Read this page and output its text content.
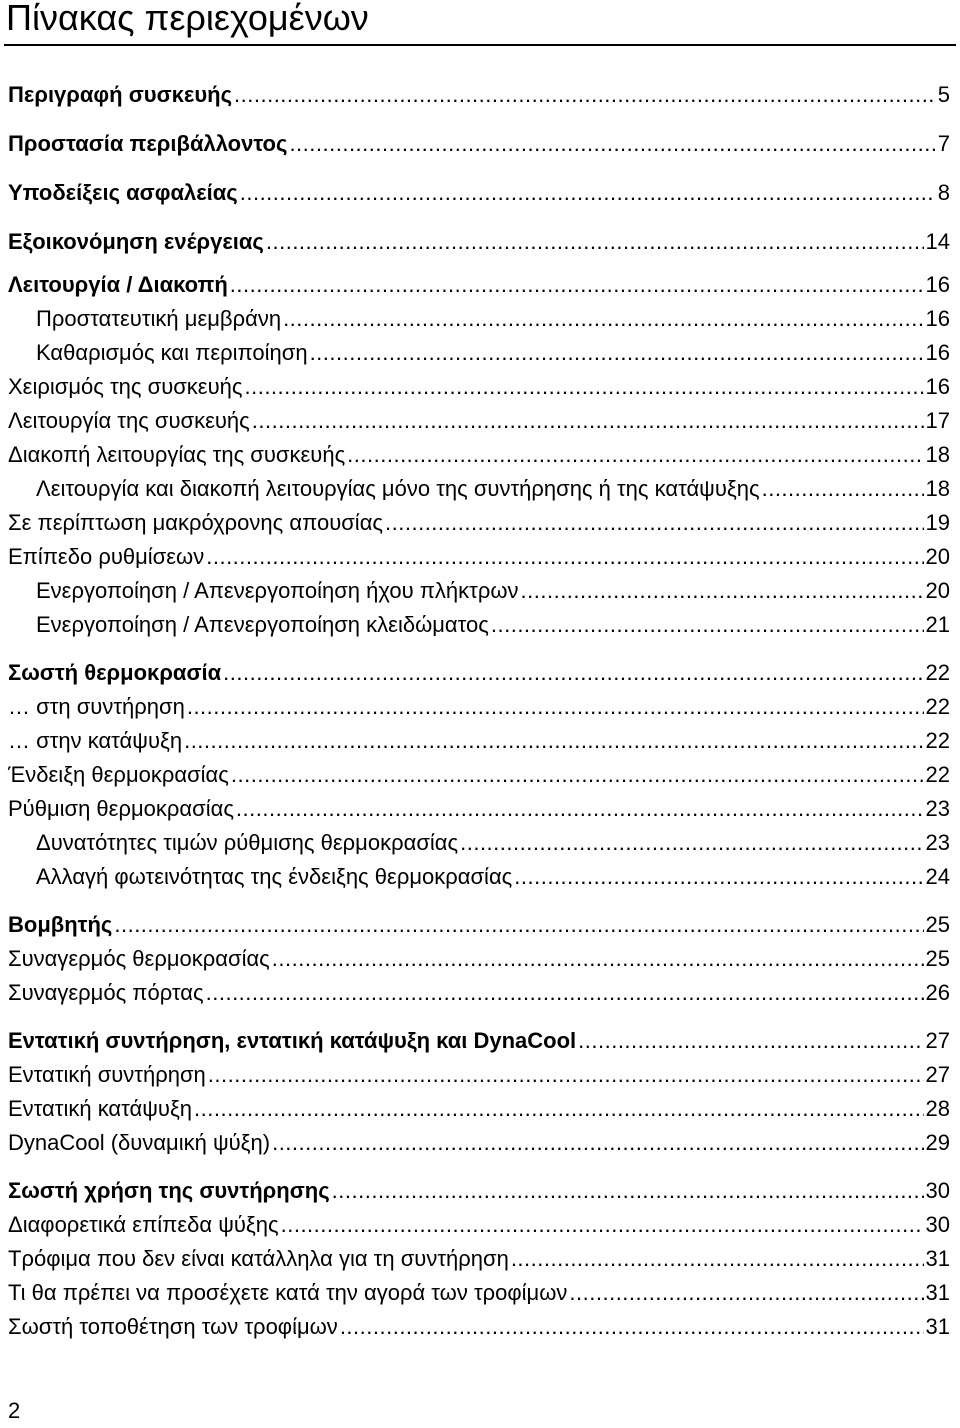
Πίνακας περιεχομένων
Περιγραφή συσκευής .....	5
Προστασία περιβάλλοντος .....	7
Υποδείξεις ασφαλείας .....	8
Εξοικονόμηση ενέργειας .....	14
Λειτουργία / Διακοπή .....	16
Προστατευτική μεμβράνη .....	16
Καθαρισμός και περιποίηση .....	16
Χειρισμός της συσκευής .....	16
Λειτουργία της συσκευής .....	17
Διακοπή λειτουργίας της συσκευής .....	18
Λειτουργία και διακοπή λειτουργίας μόνο της συντήρησης ή της κατάψυξης .....	18
Σε περίπτωση μακρόχρονης απουσίας .....	19
Επίπεδο ρυθμίσεων .....	20
Ενεργοποίηση / Απενεργοποίηση ήχου πλήκτρων .....	20
Ενεργοποίηση / Απενεργοποίηση κλειδώματος .....	21
Σωστή θερμοκρασία .....	22
… στη συντήρηση .....	22
… στην κατάψυξη .....	22
Ένδειξη θερμοκρασίας .....	22
Ρύθμιση θερμοκρασίας .....	23
Δυνατότητες τιμών ρύθμισης θερμοκρασίας .....	23
Αλλαγή φωτεινότητας της ένδειξης θερμοκρασίας .....	24
Βομβητής .....	25
Συναγερμός θερμοκρασίας .....	25
Συναγερμός πόρτας .....	26
Εντατική συντήρηση, εντατική κατάψυξη και DynaCool .....	27
Εντατική συντήρηση .....	27
Εντατική κατάψυξη .....	28
DynaCool (δυναμική ψύξη) .....	29
Σωστή χρήση της συντήρησης .....	30
Διαφορετικά επίπεδα ψύξης .....	30
Τρόφιμα που δεν είναι κατάλληλα για τη συντήρηση .....	31
Τι θα πρέπει να προσέχετε κατά την αγορά των τροφίμων .....	31
Σωστή τοποθέτηση των τροφίμων .....	31
2
